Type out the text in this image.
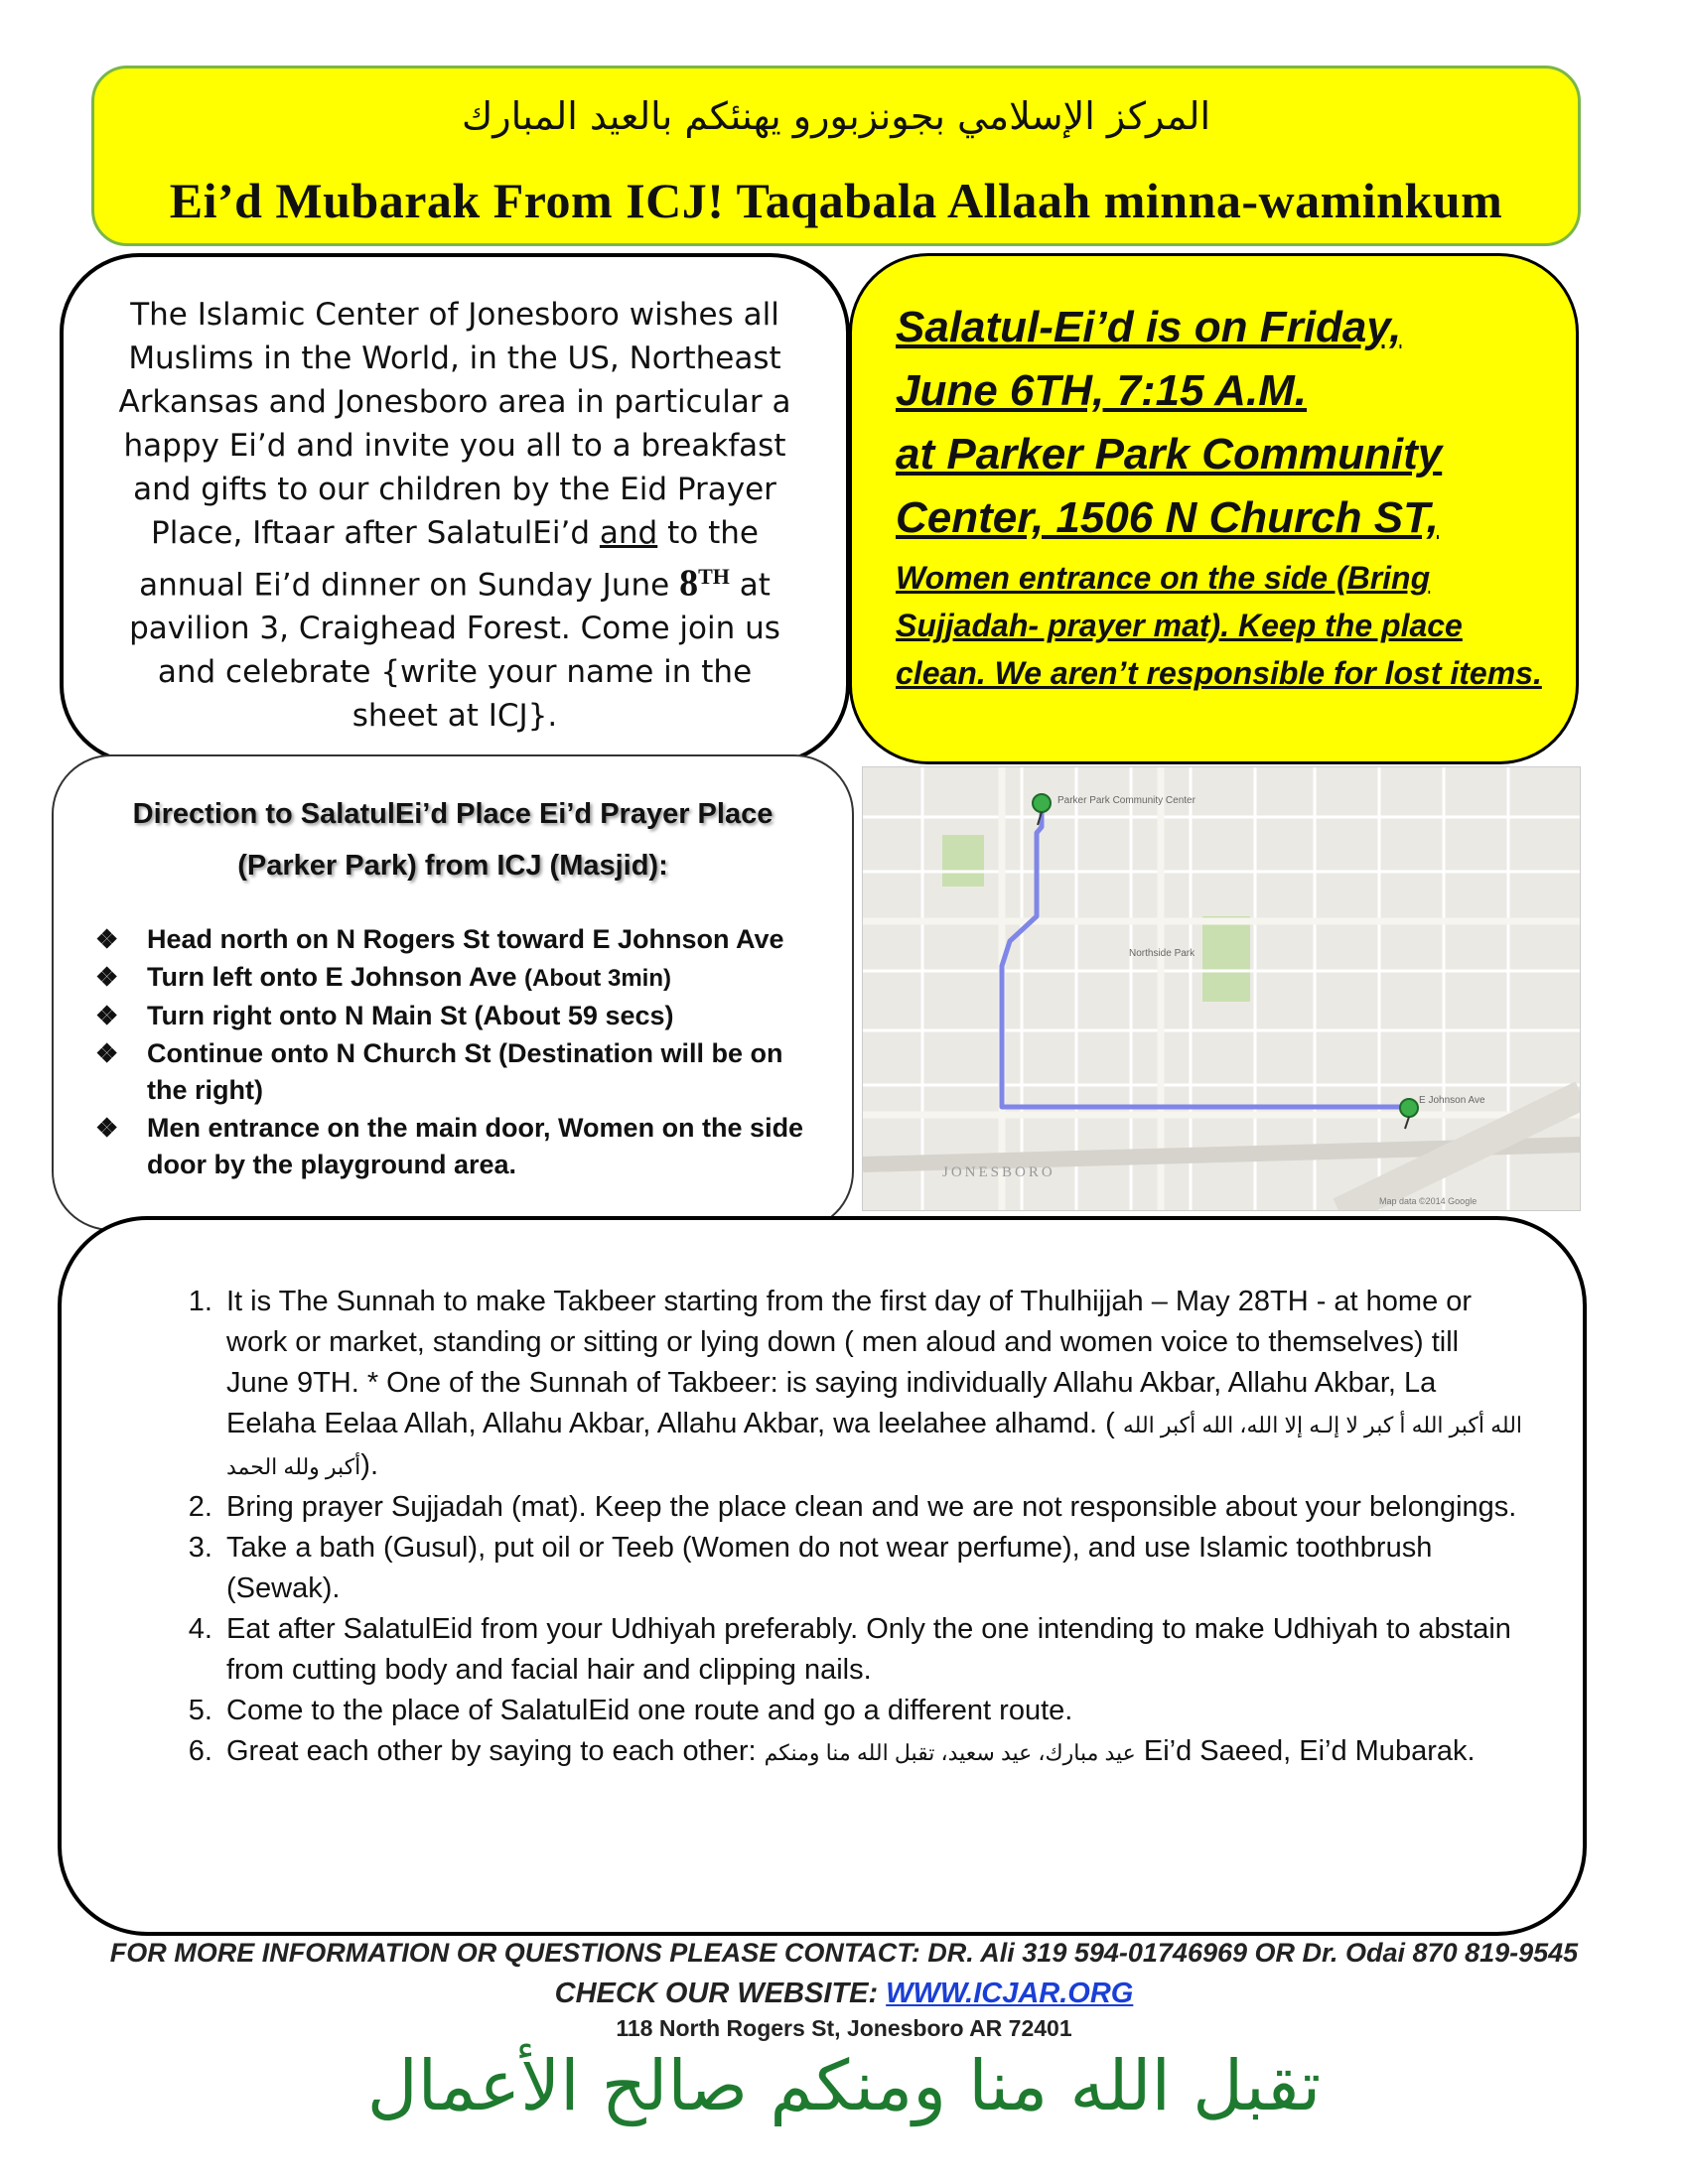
المركز الإسلامي بجونزبورو يهنئكم بالعيد المبارك
Ei’d Mubarak From ICJ! Taqabala Allaah minna-waminkum
The Islamic Center of Jonesboro wishes all Muslims in the World, in the US, Northeast Arkansas and Jonesboro area in particular a happy Ei’d and invite you all to a breakfast and gifts to our children by the Eid Prayer Place, Iftaar after SalatulEi’d and to the annual Ei’d dinner on Sunday June 8TH at pavilion 3, Craighead Forest. Come join us and celebrate {write your name in the sheet at ICJ}.
Salatul-Ei’d is on Friday,
June 6TH, 7:15 A.M.
at Parker Park Community
Center, 1506 N Church ST,
Women entrance on the side (Bring Sujjadah- prayer mat). Keep the place clean. We aren’t responsible for lost items.
Direction to SalatulEi’d Place Ei’d Prayer Place
(Parker Park) from ICJ (Masjid):
❖ Head north on N Rogers St toward E Johnson Ave
❖ Turn left onto E Johnson Ave (About 3min)
❖ Turn right onto N Main St (About 59 secs)
❖ Continue onto N Church St (Destination will be on the right)
❖ Men entrance on the main door, Women on the side door by the playground area.
Parker Park Community Center
Northside Park
E Johnson Ave
JONESBORO
Map data ©2014 Google
1. It is The Sunnah to make Takbeer starting from the first day of Thulhijjah – May 28TH - at home or work or market, standing or sitting or lying down ( men aloud and women voice to themselves) till June 9TH. * One of the Sunnah of Takbeer: is saying individually Allahu Akbar, Allahu Akbar, La Eelaha Eelaa Allah, Allahu Akbar, Allahu Akbar, wa leelahee alhamd. ( الله أكبر الله أ كبر لا إلـه إلا الله، الله أكبر الله أكبر ولله الحمد).
2. Bring prayer Sujjadah (mat). Keep the place clean and we are not responsible about your belongings.
3. Take a bath (Gusul), put oil or Teeb (Women do not wear perfume), and use Islamic toothbrush (Sewak).
4. Eat after SalatulEid from your Udhiyah preferably. Only the one intending to make Udhiyah to abstain from cutting body and facial hair and clipping nails.
5. Come to the place of SalatulEid one route and go a different route.
6. Great each other by saying to each other: عيد مبارك، عيد سعيد، تقبل الله منا ومنكم Ei’d Saeed, Ei’d Mubarak.
FOR MORE INFORMATION OR QUESTIONS PLEASE CONTACT: DR. Ali 319 594-01746969 OR Dr. Odai 870 819-9545
CHECK OUR WEBSITE: WWW.ICJAR.ORG
118 North Rogers St, Jonesboro AR 72401
تقبل الله منا ومنكم صالح الأعمال
